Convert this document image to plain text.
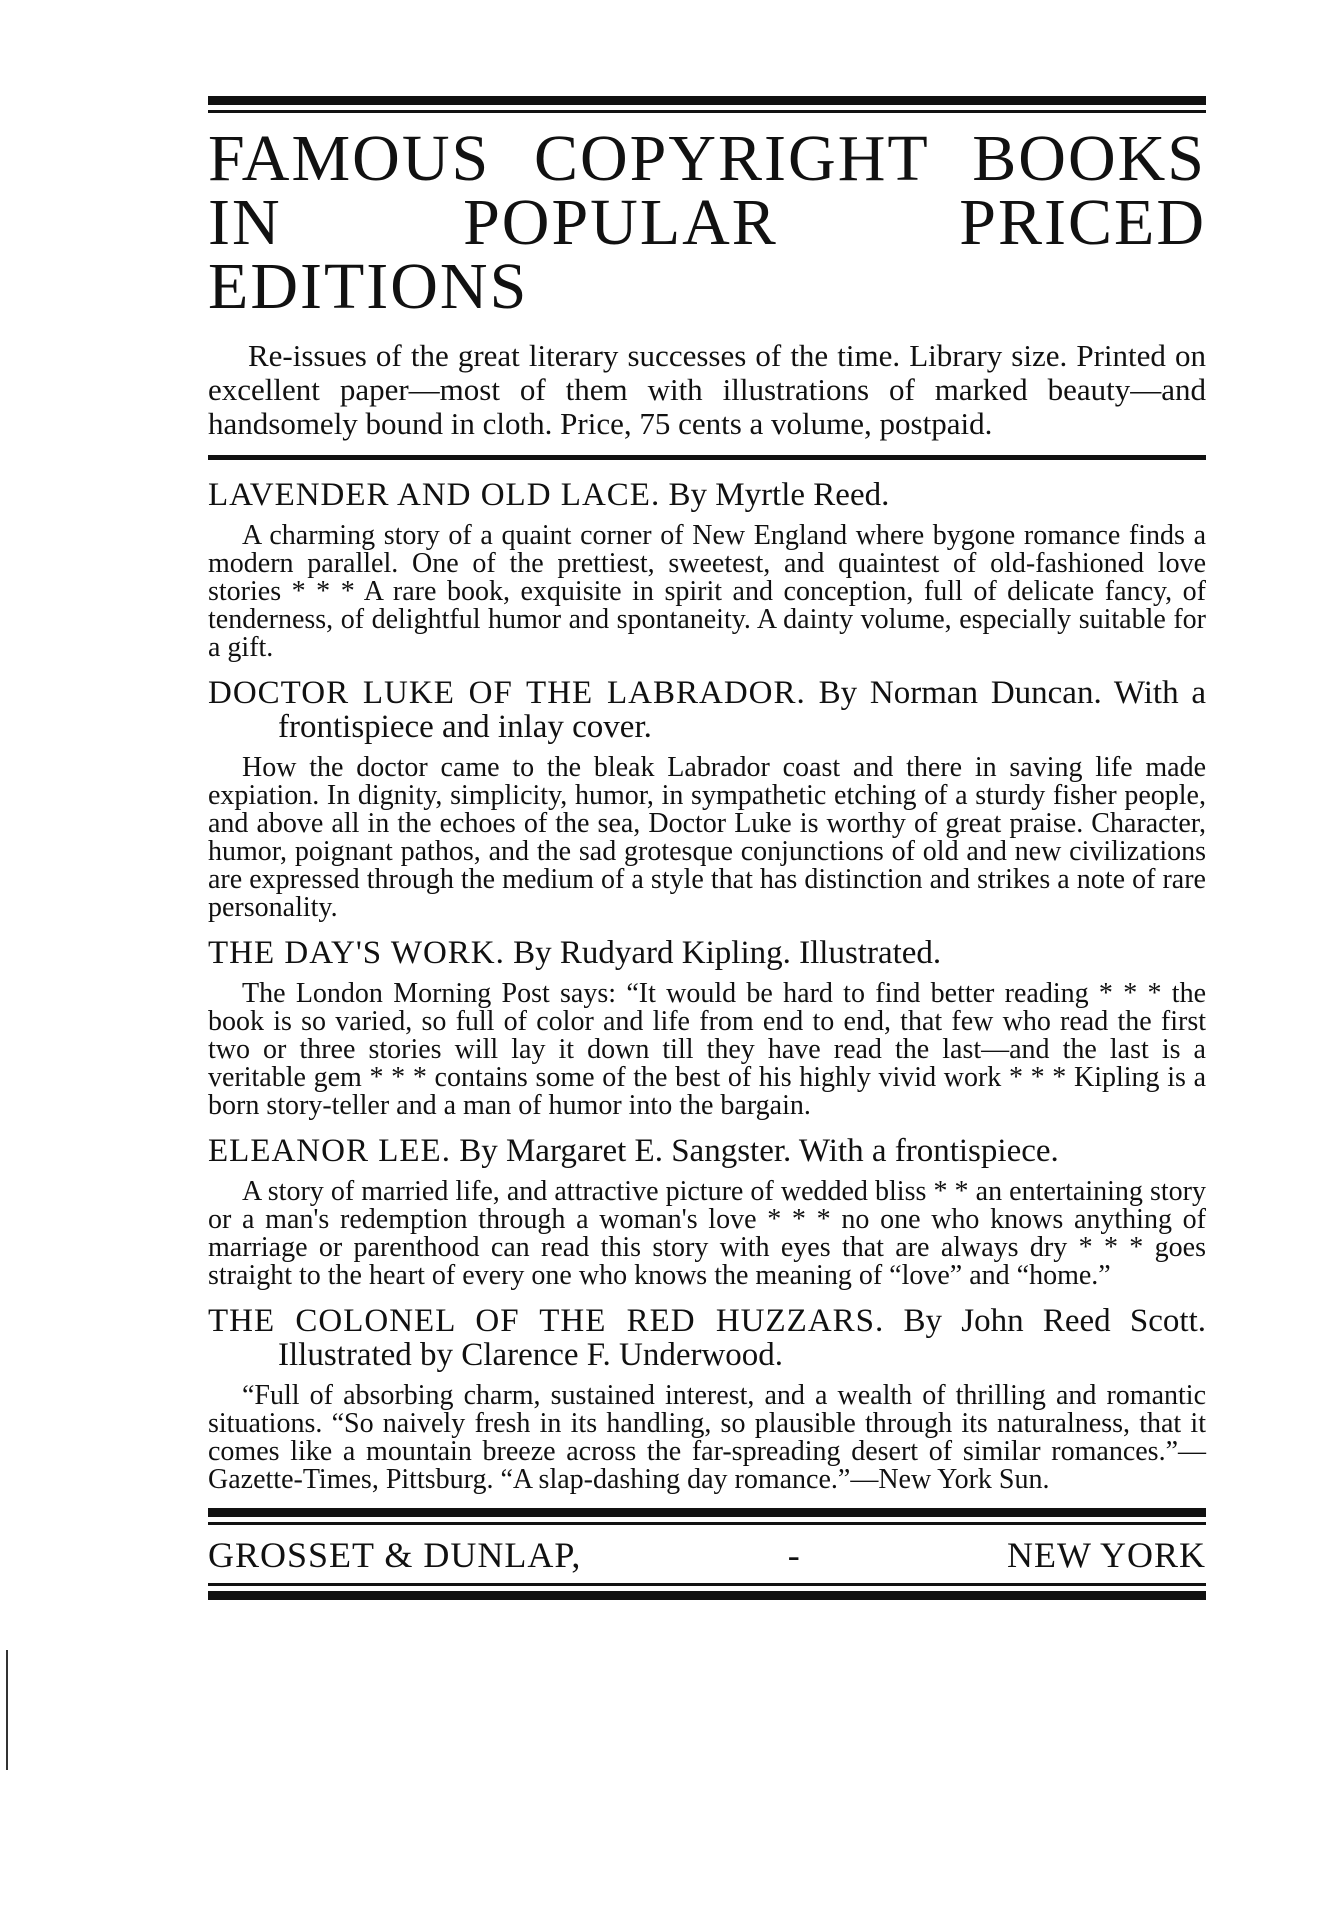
FAMOUS COPYRIGHT BOOKS
IN POPULAR PRICED EDITIONS

Re-issues of the great literary successes of the time. Library size. Printed on excellent paper—most of them with illustrations of marked beauty—and handsomely bound in cloth. Price, 75 cents a volume, postpaid.

LAVENDER AND OLD LACE. By Myrtle Reed.

A charming story of a quaint corner of New England where bygone romance finds a modern parallel. One of the prettiest, sweetest, and quaintest of old-fashioned love stories * * * A rare book, exquisite in spirit and conception, full of delicate fancy, of tenderness, of delightful humor and spontaneity. A dainty volume, especially suitable for a gift.

DOCTOR LUKE OF THE LABRADOR. By Norman Duncan. With a frontispiece and inlay cover.

How the doctor came to the bleak Labrador coast and there in saving life made expiation. In dignity, simplicity, humor, in sympathetic etching of a sturdy fisher people, and above all in the echoes of the sea, Doctor Luke is worthy of great praise. Character, humor, poignant pathos, and the sad grotesque conjunctions of old and new civilizations are expressed through the medium of a style that has distinction and strikes a note of rare personality.

THE DAY'S WORK. By Rudyard Kipling. Illustrated.

The London Morning Post says: “It would be hard to find better reading * * * the book is so varied, so full of color and life from end to end, that few who read the first two or three stories will lay it down till they have read the last—and the last is a veritable gem * * * contains some of the best of his highly vivid work * * * Kipling is a born story-teller and a man of humor into the bargain.

ELEANOR LEE. By Margaret E. Sangster. With a frontispiece.

A story of married life, and attractive picture of wedded bliss * * an entertaining story or a man's redemption through a woman's love * * * no one who knows anything of marriage or parenthood can read this story with eyes that are always dry * * * goes straight to the heart of every one who knows the meaning of “love” and “home.”

THE COLONEL OF THE RED HUZZARS. By John Reed Scott. Illustrated by Clarence F. Underwood.

“Full of absorbing charm, sustained interest, and a wealth of thrilling and romantic situations. “So naively fresh in its handling, so plausible through its naturalness, that it comes like a mountain breeze across the far-spreading desert of similar romances.”—Gazette-Times, Pittsburg. “A slap-dashing day romance.”—New York Sun.

GROSSET & DUNLAP,	-	NEW YORK
